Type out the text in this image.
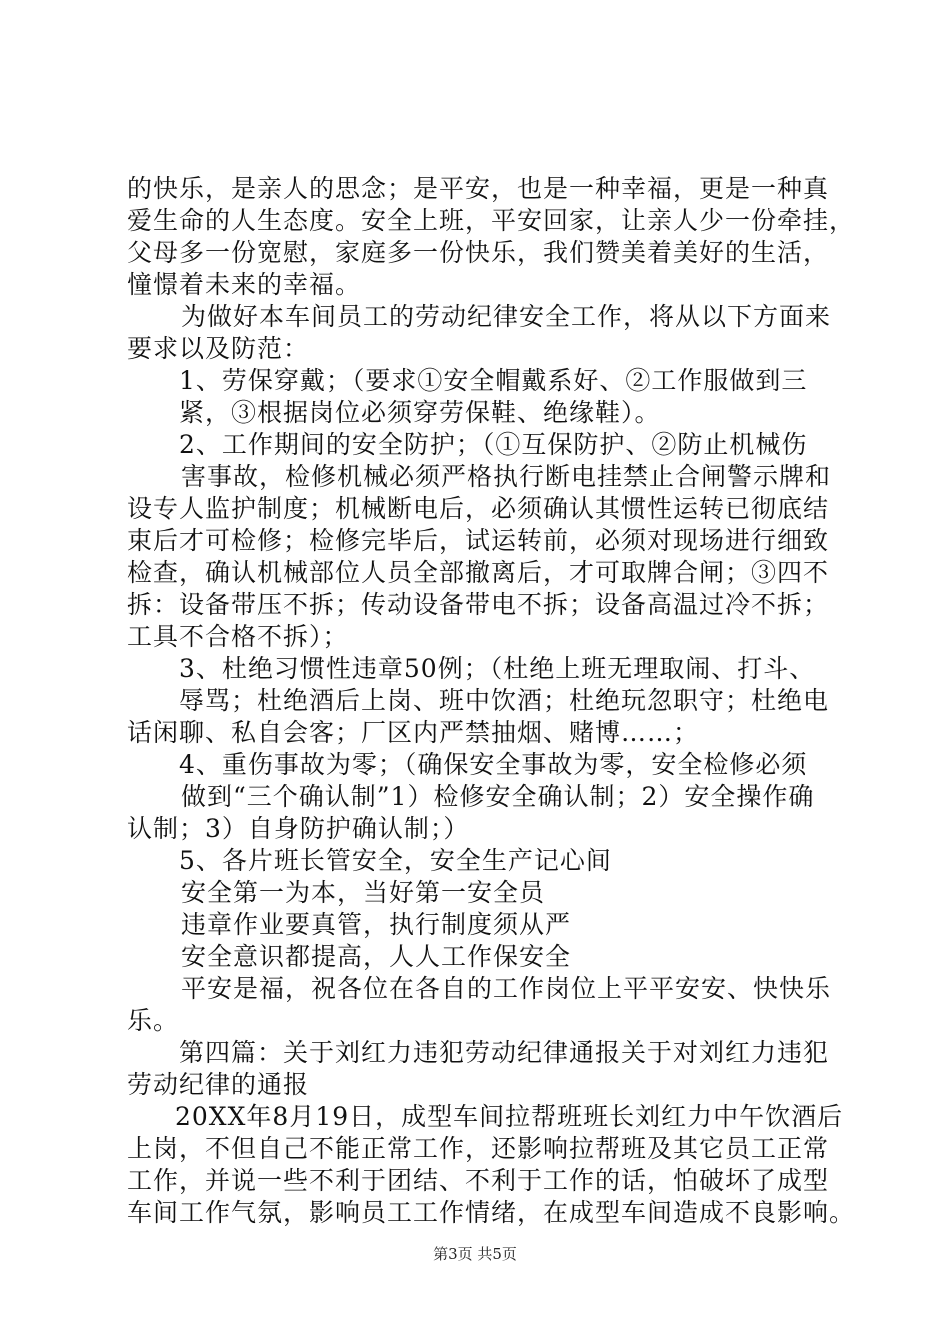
的快乐，是亲人的思念；是平安，也是一种幸福，更是一种真
爱生命的人生态度。安全上班，平安回家，让亲人少一份牵挂，
父母多一份宽慰，家庭多一份快乐，我们赞美着美好的生活，
憧憬着未来的幸福。
为做好本车间员工的劳动纪律安全工作，将从以下方面来
要求以及防范：
1、劳保穿戴；（要求①安全帽戴系好、②工作服做到三
紧，③根据岗位必须穿劳保鞋、绝缘鞋）。
2、工作期间的安全防护；（①互保防护、②防止机械伤
害事故，检修机械必须严格执行断电挂禁止合闸警示牌和
设专人监护制度；机械断电后，必须确认其惯性运转已彻底结
束后才可检修；检修完毕后，试运转前，必须对现场进行细致
检查，确认机械部位人员全部撤离后，才可取牌合闸；③四不
拆：设备带压不拆；传动设备带电不拆；设备高温过冷不拆；
工具不合格不拆）；
3、杜绝习惯性违章50例；（杜绝上班无理取闹、打斗、
辱骂；杜绝酒后上岗、班中饮酒；杜绝玩忽职守；杜绝电
话闲聊、私自会客；厂区内严禁抽烟、赌博……；
4、重伤事故为零；（确保安全事故为零，安全检修必须
做到“三个确认制”1）检修安全确认制；2）安全操作确
认制；3）自身防护确认制；）
5、各片班长管安全，安全生产记心间
安全第一为本，当好第一安全员
违章作业要真管，执行制度须从严
安全意识都提高，人人工作保安全
平安是福，祝各位在各自的工作岗位上平平安安、快快乐
乐。
第四篇：关于刘红力违犯劳动纪律通报关于对刘红力违犯
劳动纪律的通报
20XX年8月19日，成型车间拉帮班班长刘红力中午饮酒后
上岗，不但自己不能正常工作，还影响拉帮班及其它员工正常
工作，并说一些不利于团结、不利于工作的话，怕破坏了成型
车间工作气氛，影响员工工作情绪，在成型车间造成不良影响。
第3页 共5页
